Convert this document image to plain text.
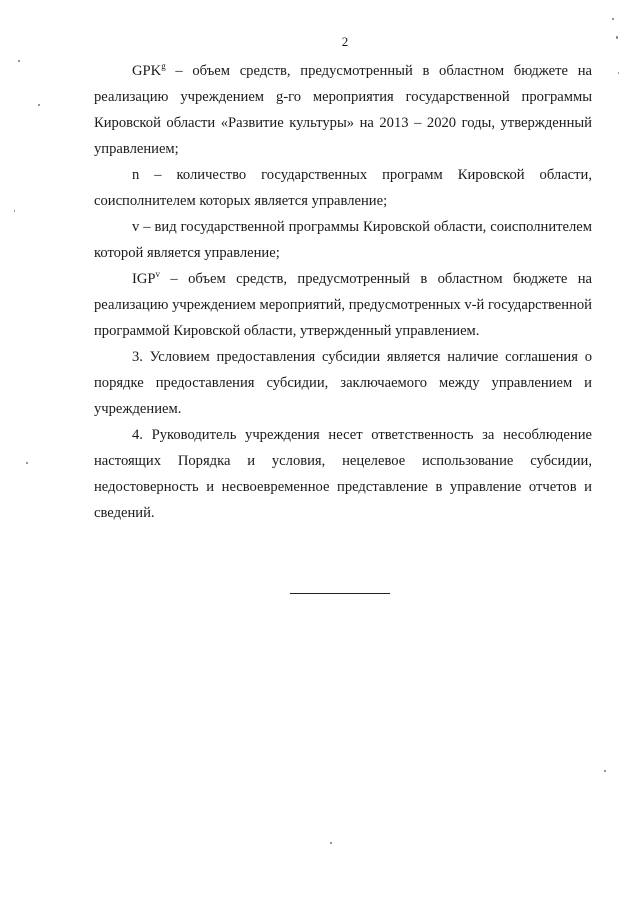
2

GPK$^g$ – объем средств, предусмотренный в областном бюджете на реализацию учреждением g-го мероприятия государственной программы Кировской области «Развитие культуры» на 2013 – 2020 годы, утвержденный управлением;

n – количество государственных программ Кировской области, соисполнителем которых является управление;

v – вид государственной программы Кировской области, соисполнителем которой является управление;

IGP$^v$ – объем средств, предусмотренный в областном бюджете на реализацию учреждением мероприятий, предусмотренных v-й государственной программой Кировской области, утвержденный управлением.

3. Условием предоставления субсидии является наличие соглашения о порядке предоставления субсидии, заключаемого между управлением и учреждением.

4. Руководитель учреждения несет ответственность за несоблюдение настоящих Порядка и условия, нецелевое использование субсидии, недостоверность и несвоевременное представление в управление отчетов и сведений.
